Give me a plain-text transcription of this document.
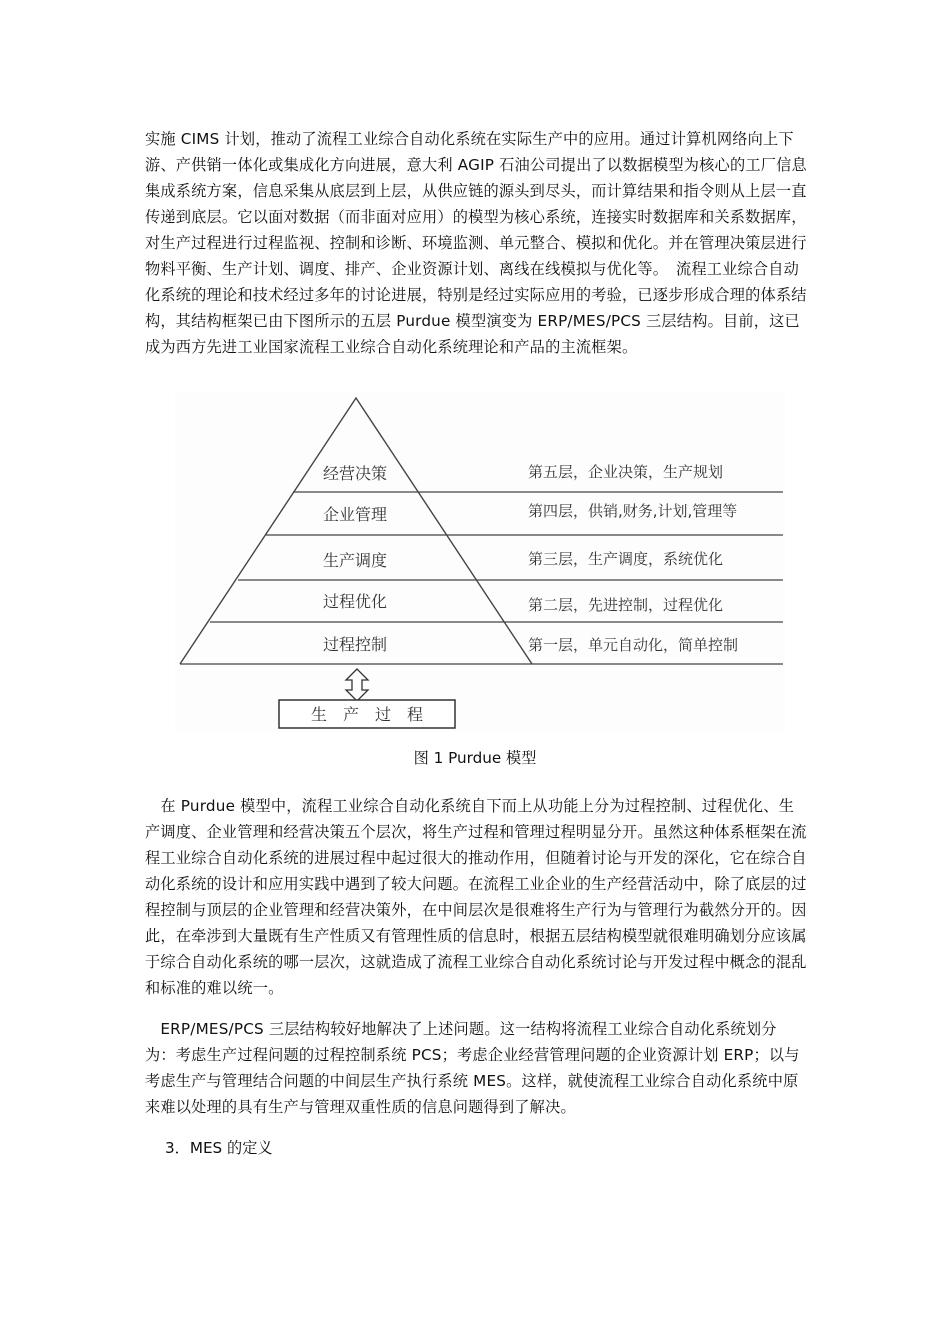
实施 CIMS 计划，推动了流程工业综合自动化系统在实际生产中的应用。通过计算机网络向上下游、产供销一体化或集成化方向进展，意大利 AGIP 石油公司提出了以数据模型为核心的工厂信息集成系统方案，信息采集从底层到上层，从供应链的源头到尽头，而计算结果和指令则从上层一直传递到底层。它以面对数据（而非面对应用）的模型为核心系统，连接实时数据库和关系数据库，对生产过程进行过程监视、控制和诊断、环境监测、单元整合、模拟和优化。并在管理决策层进行物料平衡、生产计划、调度、排产、企业资源计划、离线在线模拟与优化等。　流程工业综合自动化系统的理论和技术经过多年的讨论进展，特别是经过实际应用的考验，已逐步形成合理的体系结构，其结构框架已由下图所示的五层 Purdue 模型演变为 ERP/MES/PCS 三层结构。目前，这已成为西方先进工业国家流程工业综合自动化系统理论和产品的主流框架。

经营决策
企业管理
生产调度
过程优化
过程控制
第五层，企业决策，生产规划
第四层，供销,财务,计划,管理等
第三层，生产调度，系统优化
第二层，先进控制，过程优化
第一层，单元自动化，简单控制
生　产　过　程
图 1 Purdue 模型

　在 Purdue 模型中，流程工业综合自动化系统自下而上从功能上分为过程控制、过程优化、生产调度、企业管理和经营决策五个层次，将生产过程和管理过程明显分开。虽然这种体系框架在流程工业综合自动化系统的进展过程中起过很大的推动作用，但随着讨论与开发的深化，它在综合自动化系统的设计和应用实践中遇到了较大问题。在流程工业企业的生产经营活动中，除了底层的过程控制与顶层的企业管理和经营决策外，在中间层次是很难将生产行为与管理行为截然分开的。因此，在牵涉到大量既有生产性质又有管理性质的信息时，根据五层结构模型就很难明确划分应该属于综合自动化系统的哪一层次，这就造成了流程工业综合自动化系统讨论与开发过程中概念的混乱和标准的难以统一。

　ERP/MES/PCS 三层结构较好地解决了上述问题。这一结构将流程工业综合自动化系统划分为：考虑生产过程问题的过程控制系统 PCS；考虑企业经营管理问题的企业资源计划 ERP；以与考虑生产与管理结合问题的中间层生产执行系统 MES。这样，就使流程工业综合自动化系统中原来难以处理的具有生产与管理双重性质的信息问题得到了解决。

3．MES 的定义
